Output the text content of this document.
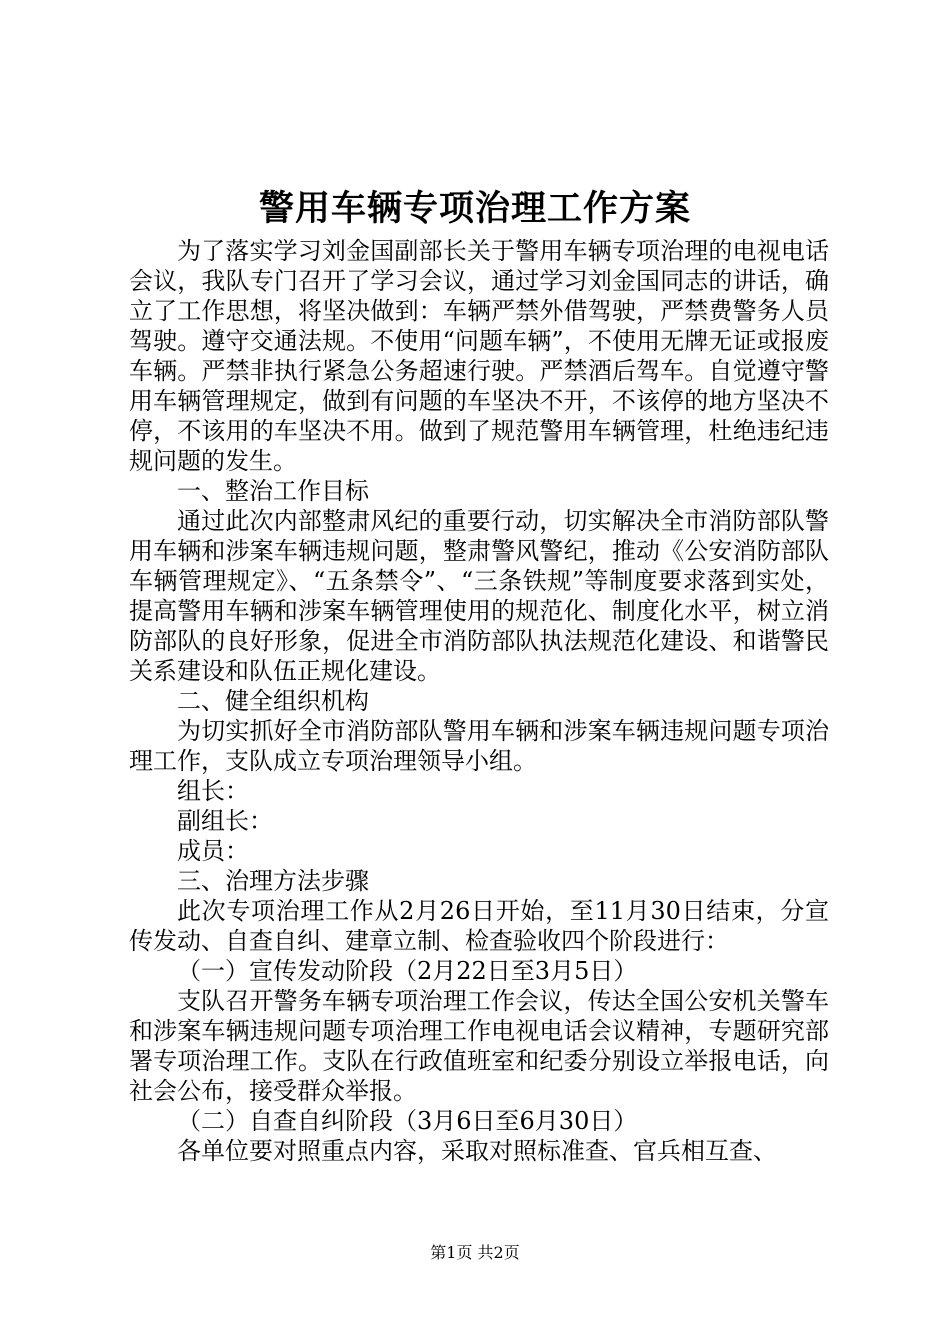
警用车辆专项治理工作方案

为了落实学习刘金国副部长关于警用车辆专项治理的电视电话会议，我队专门召开了学习会议，通过学习刘金国同志的讲话，确立了工作思想，将坚决做到：车辆严禁外借驾驶，严禁费警务人员驾驶。遵守交通法规。不使用“问题车辆”，不使用无牌无证或报废车辆。严禁非执行紧急公务超速行驶。严禁酒后驾车。自觉遵守警用车辆管理规定，做到有问题的车坚决不开，不该停的地方坚决不停，不该用的车坚决不用。做到了规范警用车辆管理，杜绝违纪违规问题的发生。

一、整治工作目标

通过此次内部整肃风纪的重要行动，切实解决全市消防部队警用车辆和涉案车辆违规问题，整肃警风警纪，推动《公安消防部队车辆管理规定》、“五条禁令”、“三条铁规”等制度要求落到实处，提高警用车辆和涉案车辆管理使用的规范化、制度化水平，树立消防部队的良好形象，促进全市消防部队执法规范化建设、和谐警民关系建设和队伍正规化建设。

二、健全组织机构

为切实抓好全市消防部队警用车辆和涉案车辆违规问题专项治理工作，支队成立专项治理领导小组。

组长：

副组长：

成员：

三、治理方法步骤

此次专项治理工作从2月26日开始，至11月30日结束，分宣传发动、自查自纠、建章立制、检查验收四个阶段进行：

（一）宣传发动阶段（2月22日至3月5日）

支队召开警务车辆专项治理工作会议，传达全国公安机关警车和涉案车辆违规问题专项治理工作电视电话会议精神，专题研究部署专项治理工作。支队在行政值班室和纪委分别设立举报电话，向社会公布，接受群众举报。

（二）自查自纠阶段（3月6日至6月30日）

各单位要对照重点内容，采取对照标准查、官兵相互查、

第1页 共2页
